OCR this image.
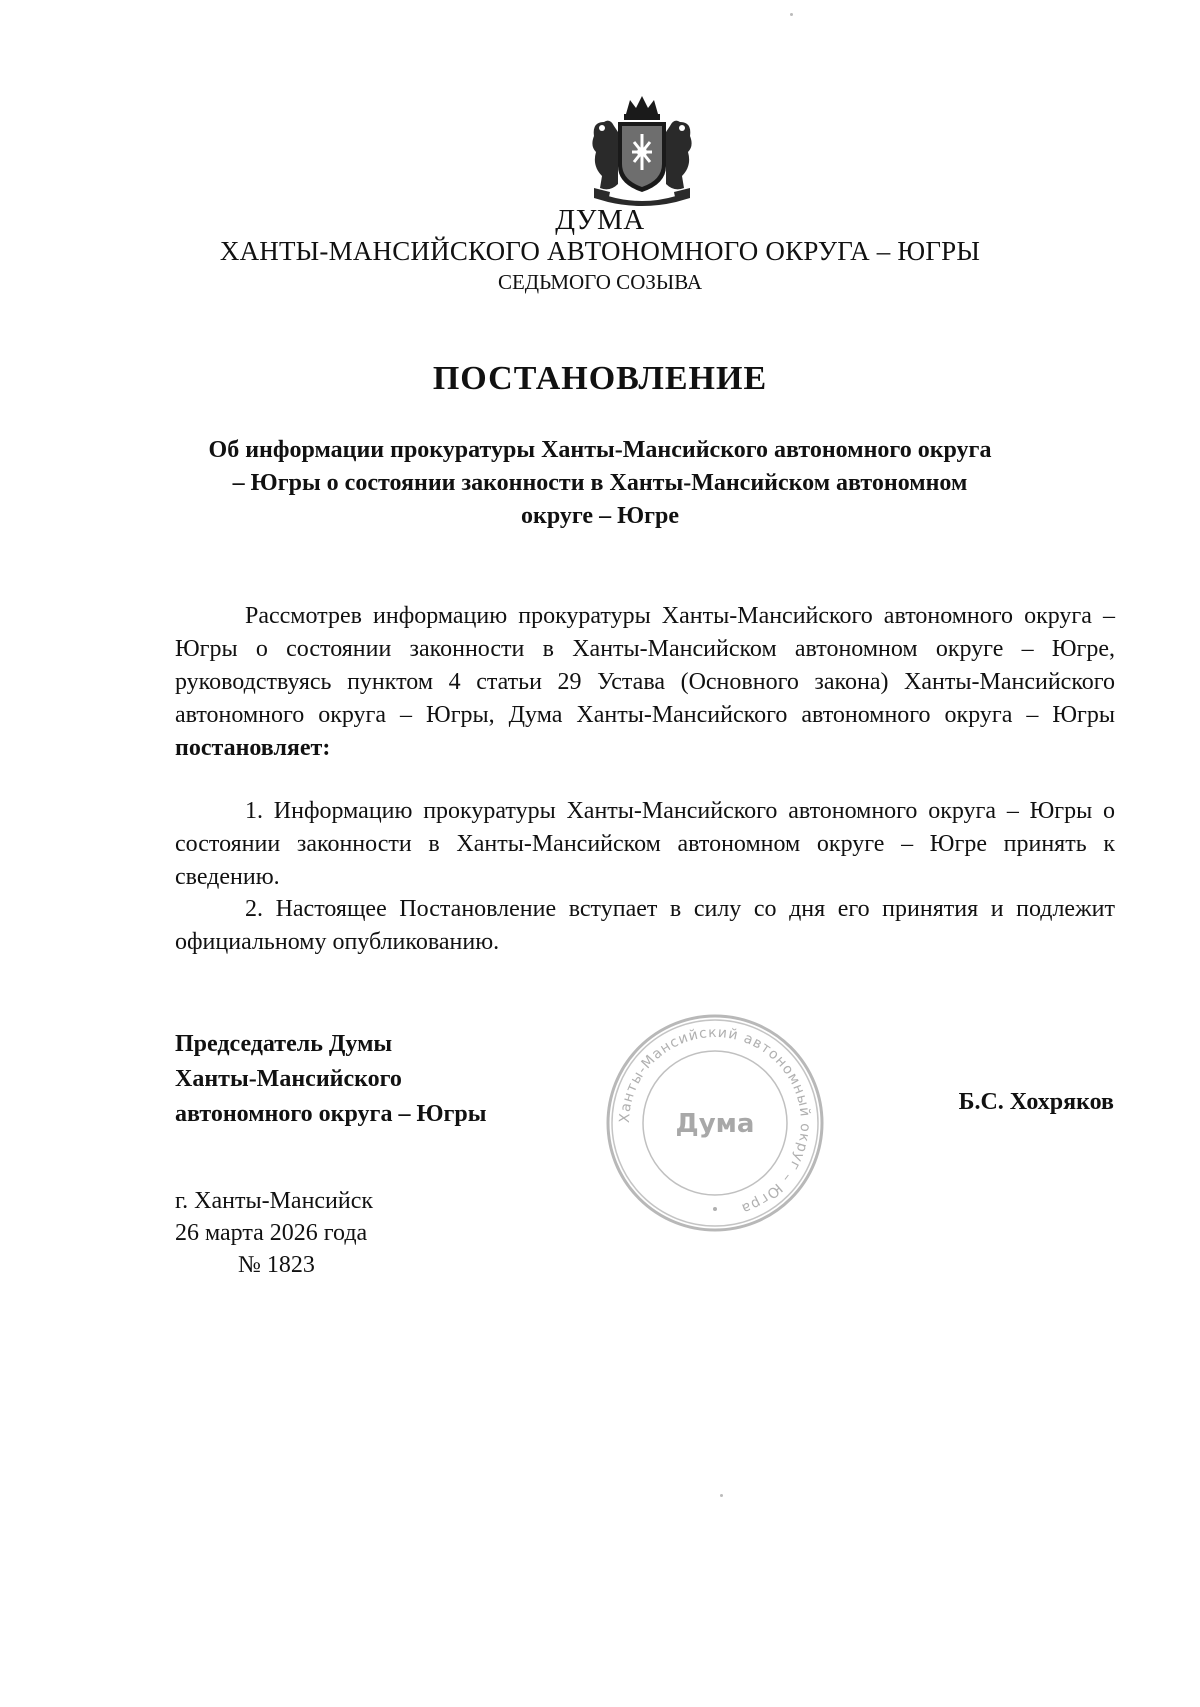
ДУМА
ХАНТЫ-МАНСИЙСКОГО АВТОНОМНОГО ОКРУГА – ЮГРЫ
СЕДЬМОГО СОЗЫВА
ПОСТАНОВЛЕНИЕ
Об информации прокуратуры Ханты-Мансийского автономного округа – Югры о состоянии законности в Ханты-Мансийском автономном округе – Югре
Рассмотрев информацию прокуратуры Ханты-Мансийского автономного округа – Югры о состоянии законности в Ханты-Мансийском автономном округе – Югре, руководствуясь пунктом 4 статьи 29 Устава (Основного закона) Ханты-Мансийского автономного округа – Югры, Дума Ханты-Мансийского автономного округа – Югры постановляет:
1. Информацию прокуратуры Ханты-Мансийского автономного округа – Югры о состоянии законности в Ханты-Мансийском автономном округе – Югре принять к сведению.
2. Настоящее Постановление вступает в силу со дня его принятия и подлежит официальному опубликованию.
Председатель Думы
Ханты-Мансийского
автономного округа – Югры	Ханты-Мансийский автономный округ – Югра
Дума
Б.С. Хохряков
г. Ханты-Мансийск
26 марта 2026 года
№ 1823
